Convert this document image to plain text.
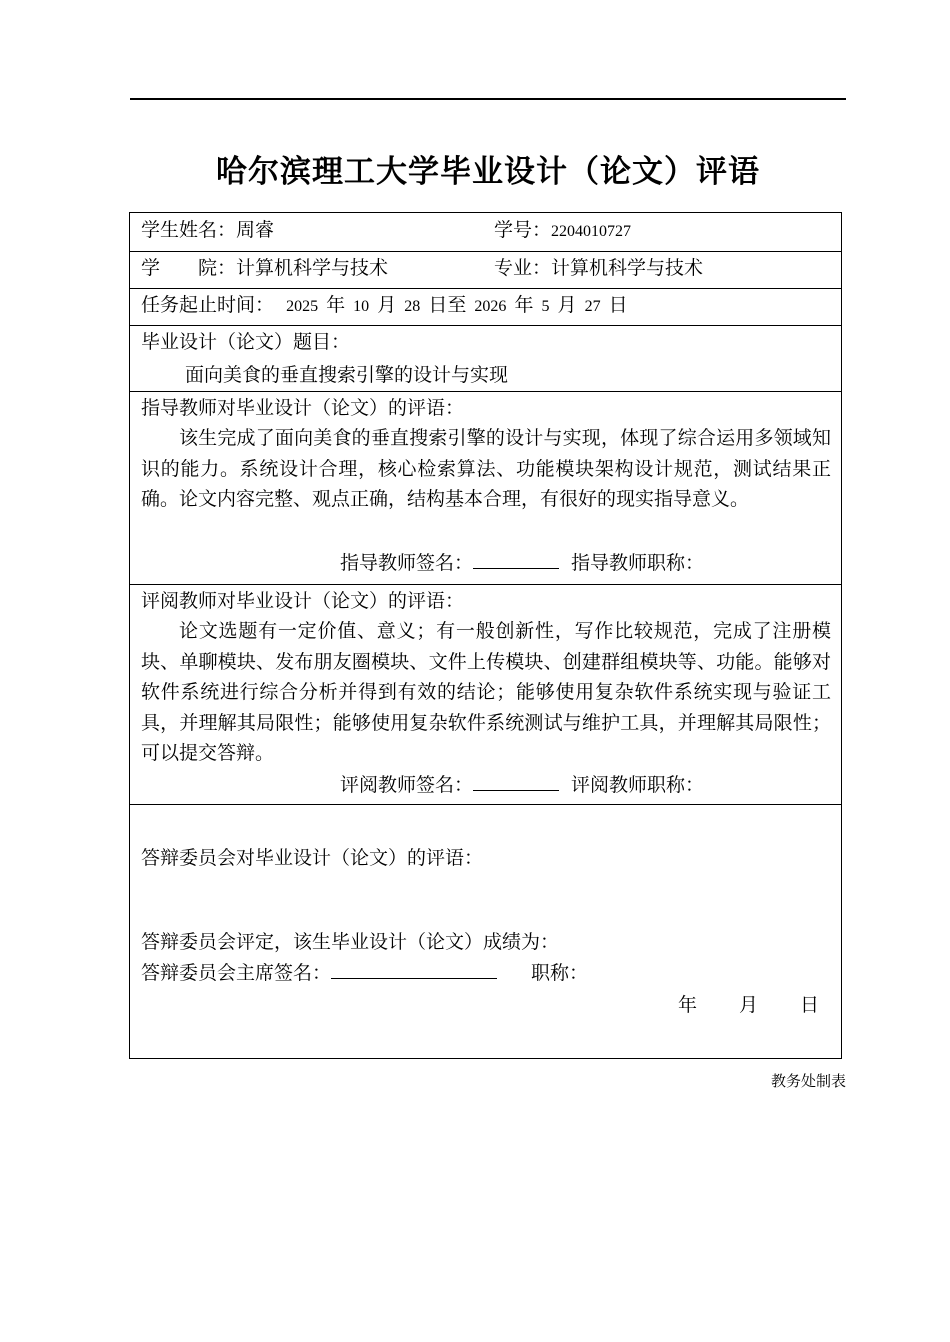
哈尔滨理工大学毕业设计（论文）评语
学生姓名：周睿	学号：2204010727
学 院：计算机科学与技术	专业：计算机科学与技术
任务起止时间： 2025 年 10 月 28 日至 2026 年 5 月 27 日
毕业设计（论文）题目：
面向美食的垂直搜索引擎的设计与实现
指导教师对毕业设计（论文）的评语：
该生完成了面向美食的垂直搜索引擎的设计与实现，体现了综合运用多领域知识的能力。系统设计合理，核心检索算法、功能模块架构设计规范，测试结果正确。论文内容完整、观点正确，结构基本合理，有很好的现实指导意义。
指导教师签名：	指导教师职称：
评阅教师对毕业设计（论文）的评语：
论文选题有一定价值、意义；有一般创新性，写作比较规范，完成了注册模块、单聊模块、发布朋友圈模块、文件上传模块、创建群组模块等、功能。能够对软件系统进行综合分析并得到有效的结论；能够使用复杂软件系统实现与验证工具，并理解其局限性；能够使用复杂软件系统测试与维护工具，并理解其局限性；可以提交答辩。
评阅教师签名：	评阅教师职称：
答辩委员会对毕业设计（论文）的评语：
答辩委员会评定，该生毕业设计（论文）成绩为：
答辩委员会主席签名：	职称：
年 月 日
教务处制表
